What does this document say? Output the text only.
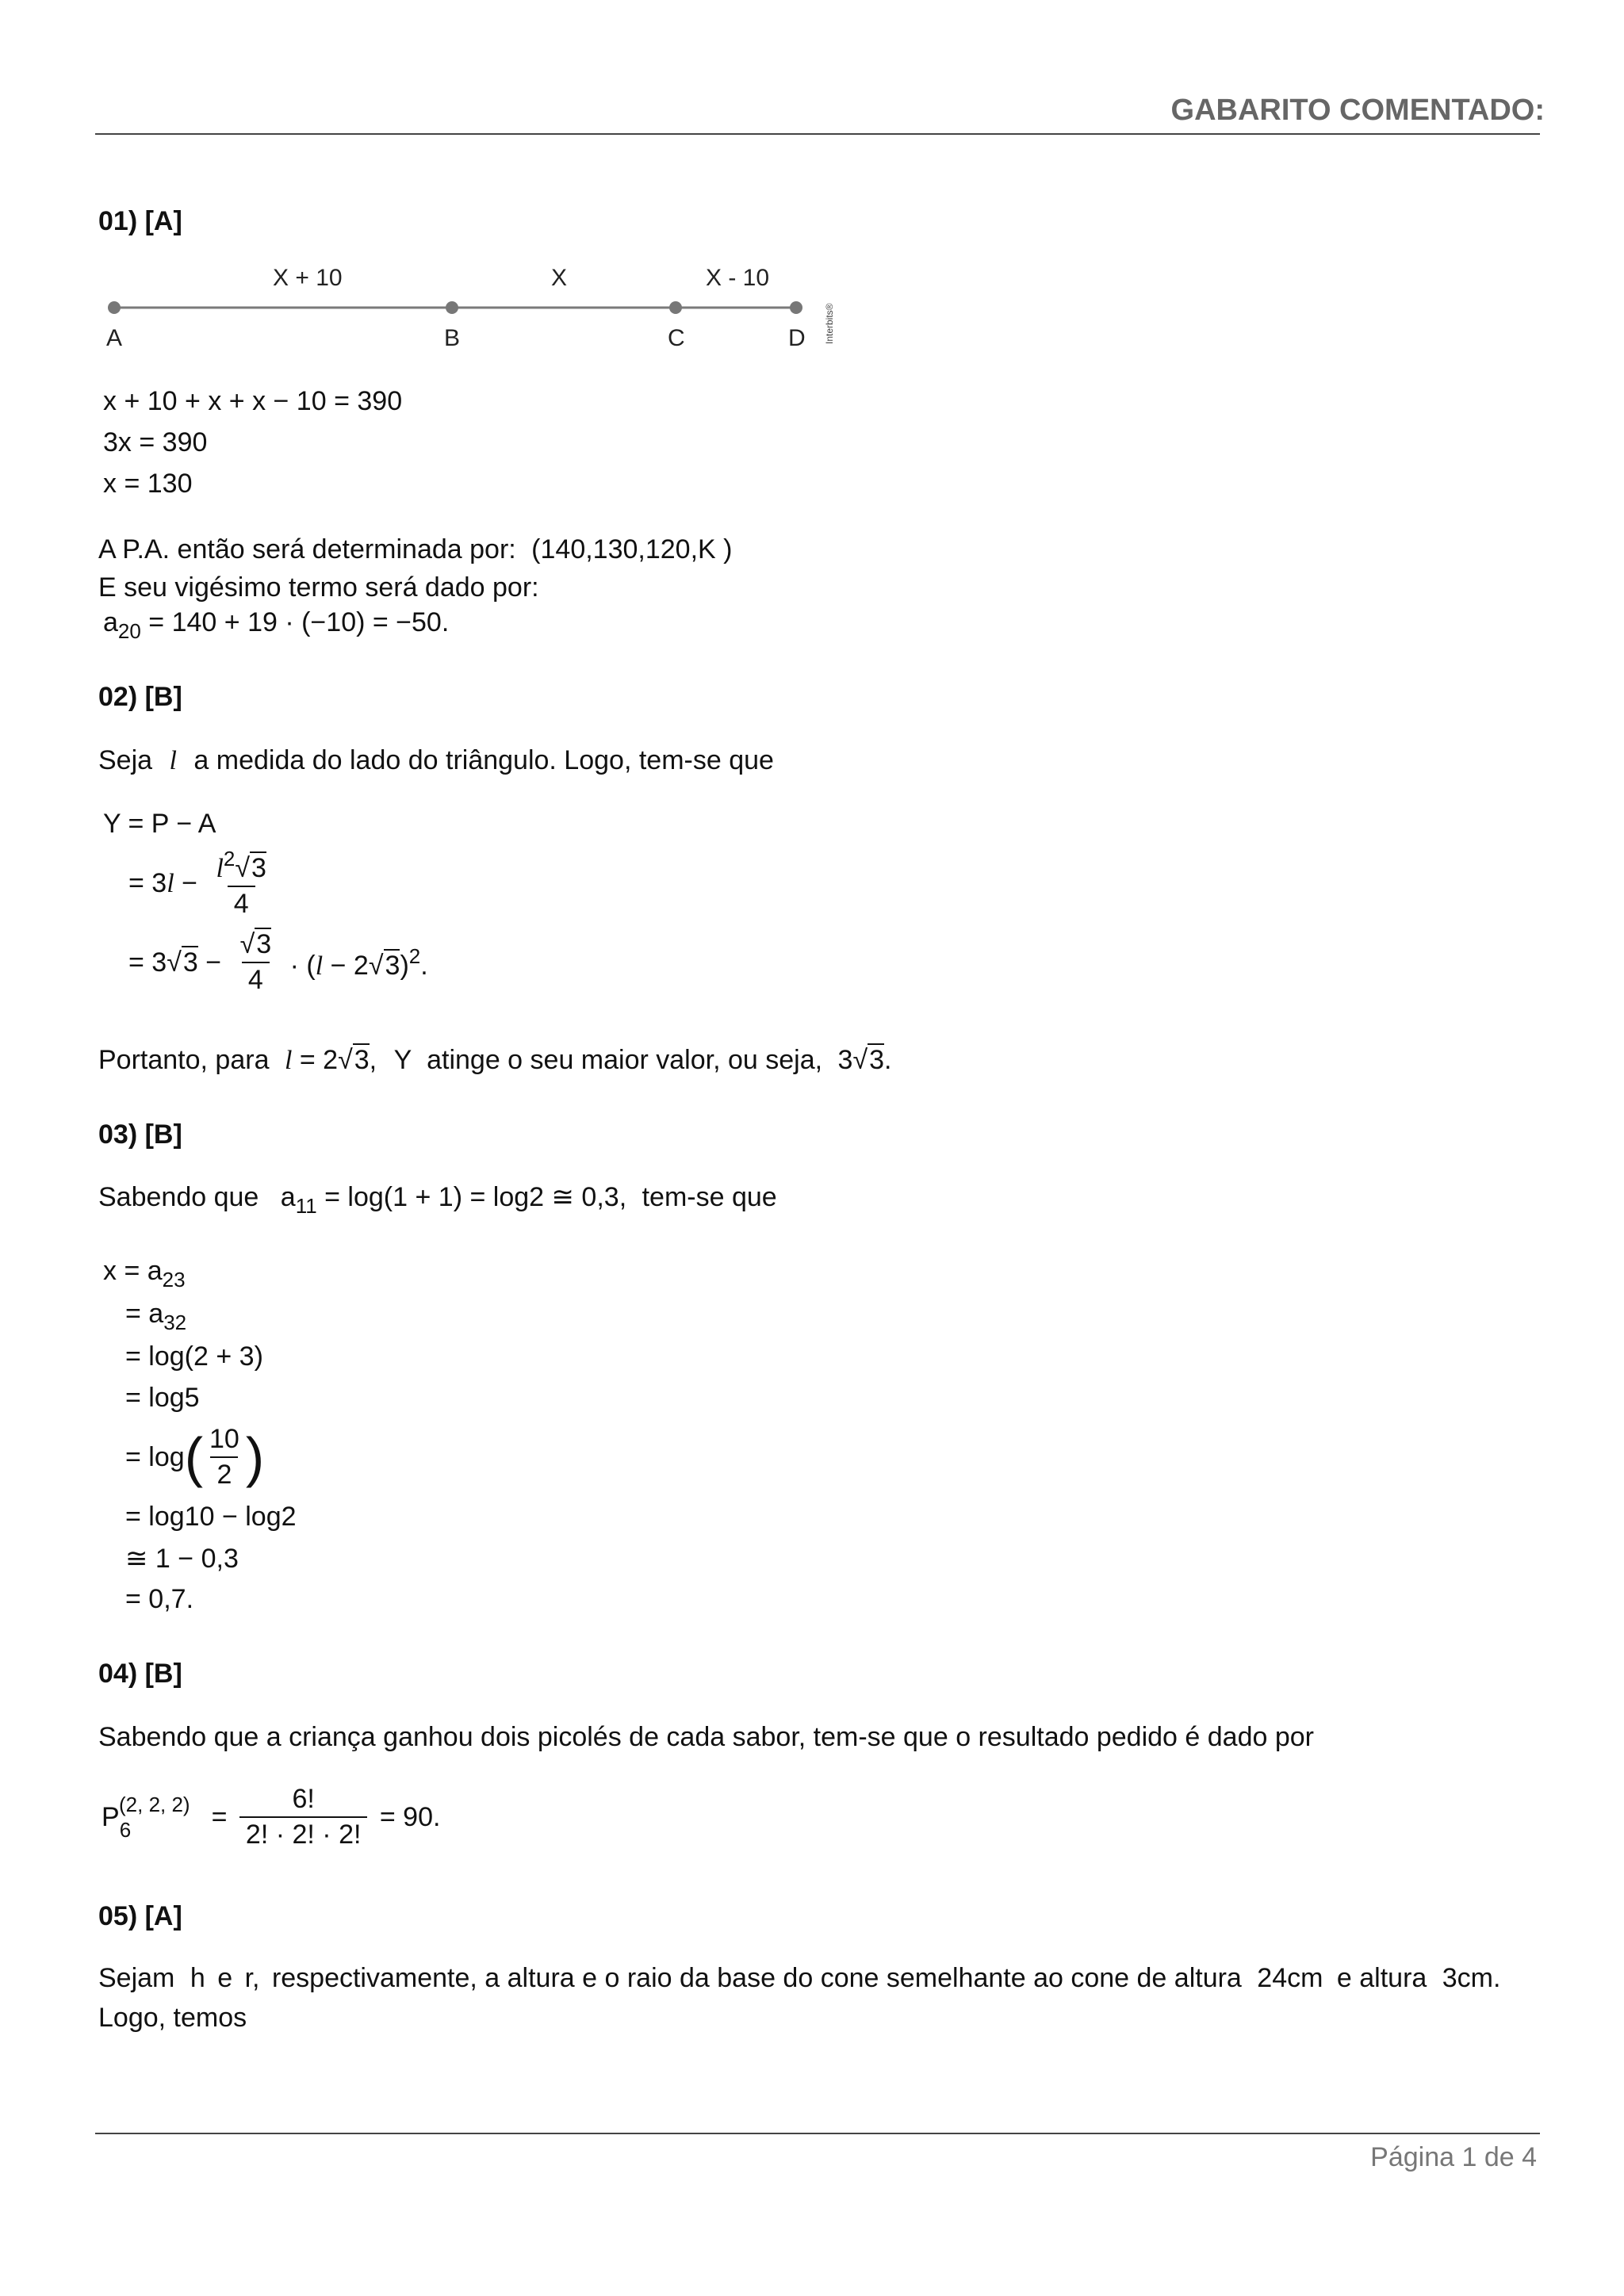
GABARITO COMENTADO:
01) [A]
X + 10	X	X - 10
A	B	C	D Interbits®
x + 10 + x + x − 10 = 390
3x = 390
x = 130
A P.A. então será determinada por: (140,130,120,K )
E seu vigésimo termo será dado por:
$a_{20} = 140 + 19 \cdot (-10) = -50$.
02) [B]
Seja l a medida do lado do triângulo. Logo, tem-se que
Y = P − A
= $3l - \frac{l^2√3}{4}$
= $3√3 - \frac{√3}{4} \cdot (l - 2√3)^2$.
Portanto, para l = 2√3, Y atinge o seu maior valor, ou seja, 3√3.
03) [B]
Sabendo que $a_{11} = \log(1 + 1) = \log 2$ ≅ 0,3, tem-se que
$x = a_{23}$
= $a_{32}$
= log(2 + 3)
= log5
= $\log( \frac{10}{2}$ )
= log10 − log2
≅ 1 − 0,3
= 0,7.
04) [B]
Sabendo que a criança ganhou dois picolés de cada sabor, tem-se que o resultado pedido é dado por
$P_6$
(2, 2, $2) = \frac{6!}{2! \cdot 2! \cdot 2!} = 90$.
05) [A]
Sejam h e r, respectivamente, a altura e o raio da base do cone semelhante ao cone de altura 24cm e altura 3cm.
Logo, temos
Página 1 de 4
